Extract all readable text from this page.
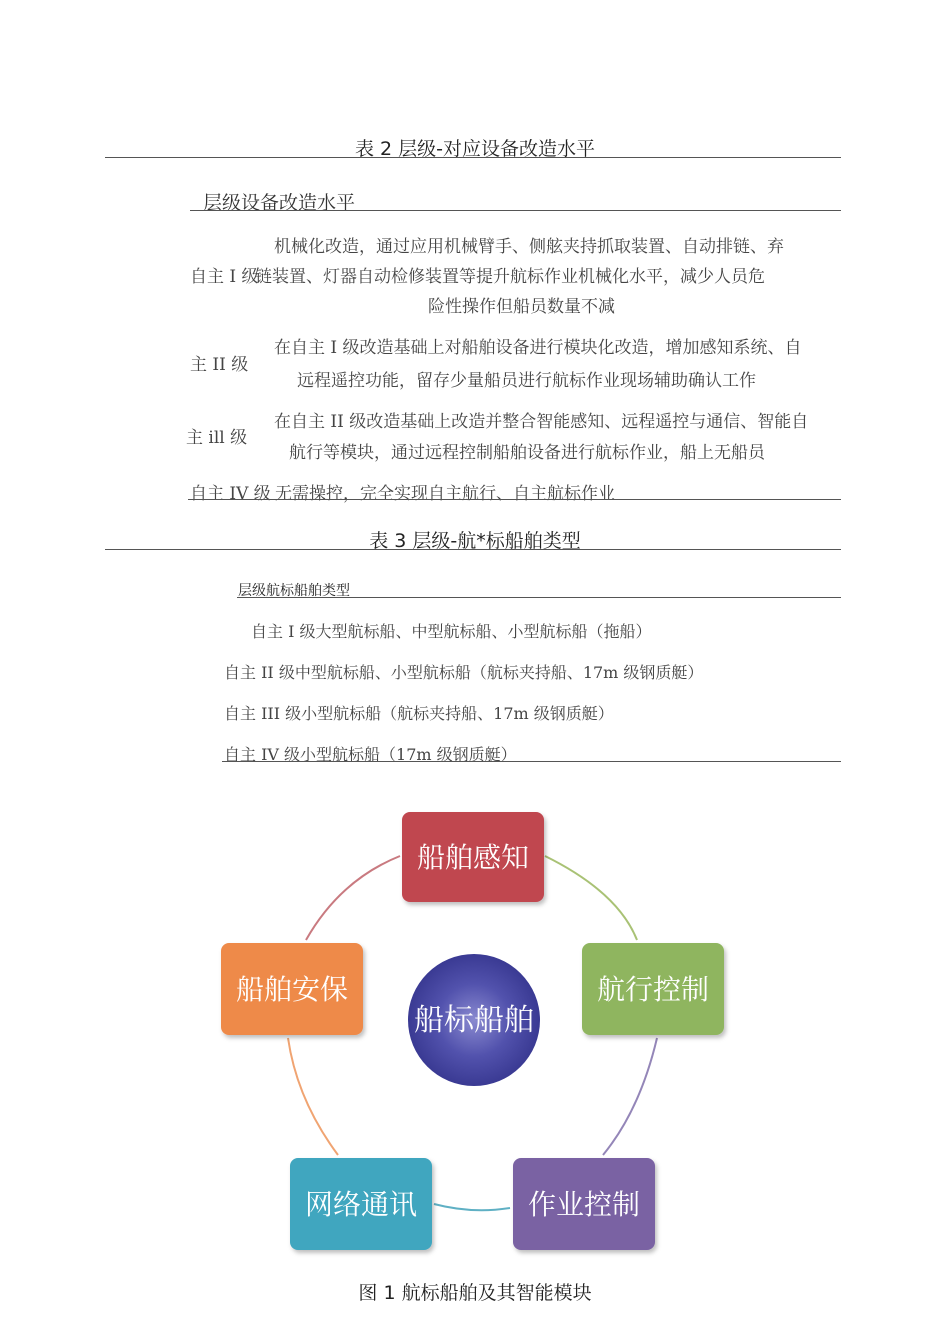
表 2 层级-对应设备改造水平
层级设备改造水平
机械化改造，通过应用机械臂手、侧舷夹持抓取装置、自动排链、弃
自主 I 级
链装置、灯器自动检修装置等提升航标作业机械化水平，减少人员危
险性操作但船员数量不减
在自主 I 级改造基础上对船舶设备进行模块化改造，增加感知系统、自
主 II 级
远程遥控功能，留存少量船员进行航标作业现场辅助确认工作
在自主 II 级改造基础上改造并整合智能感知、远程遥控与通信、智能自
主 ill 级
航行等模块，通过远程控制船舶设备进行航标作业，船上无船员
自主 IV 级 无需操控，完全实现自主航行、自主航标作业
表 3 层级-航*标船舶类型
层级航标船舶类型
自主 I 级大型航标船、中型航标船、小型航标船（拖船）
自主 II 级中型航标船、小型航标船（航标夹持船、17m 级钢质艇）
自主 III 级小型航标船（航标夹持船、17m 级钢质艇）
自主 IV 级小型航标船（17m 级钢质艇）
船舶感知
航行控制
作业控制
网络通讯
船舶安保
船标船舶
图 1 航标船舶及其智能模块
